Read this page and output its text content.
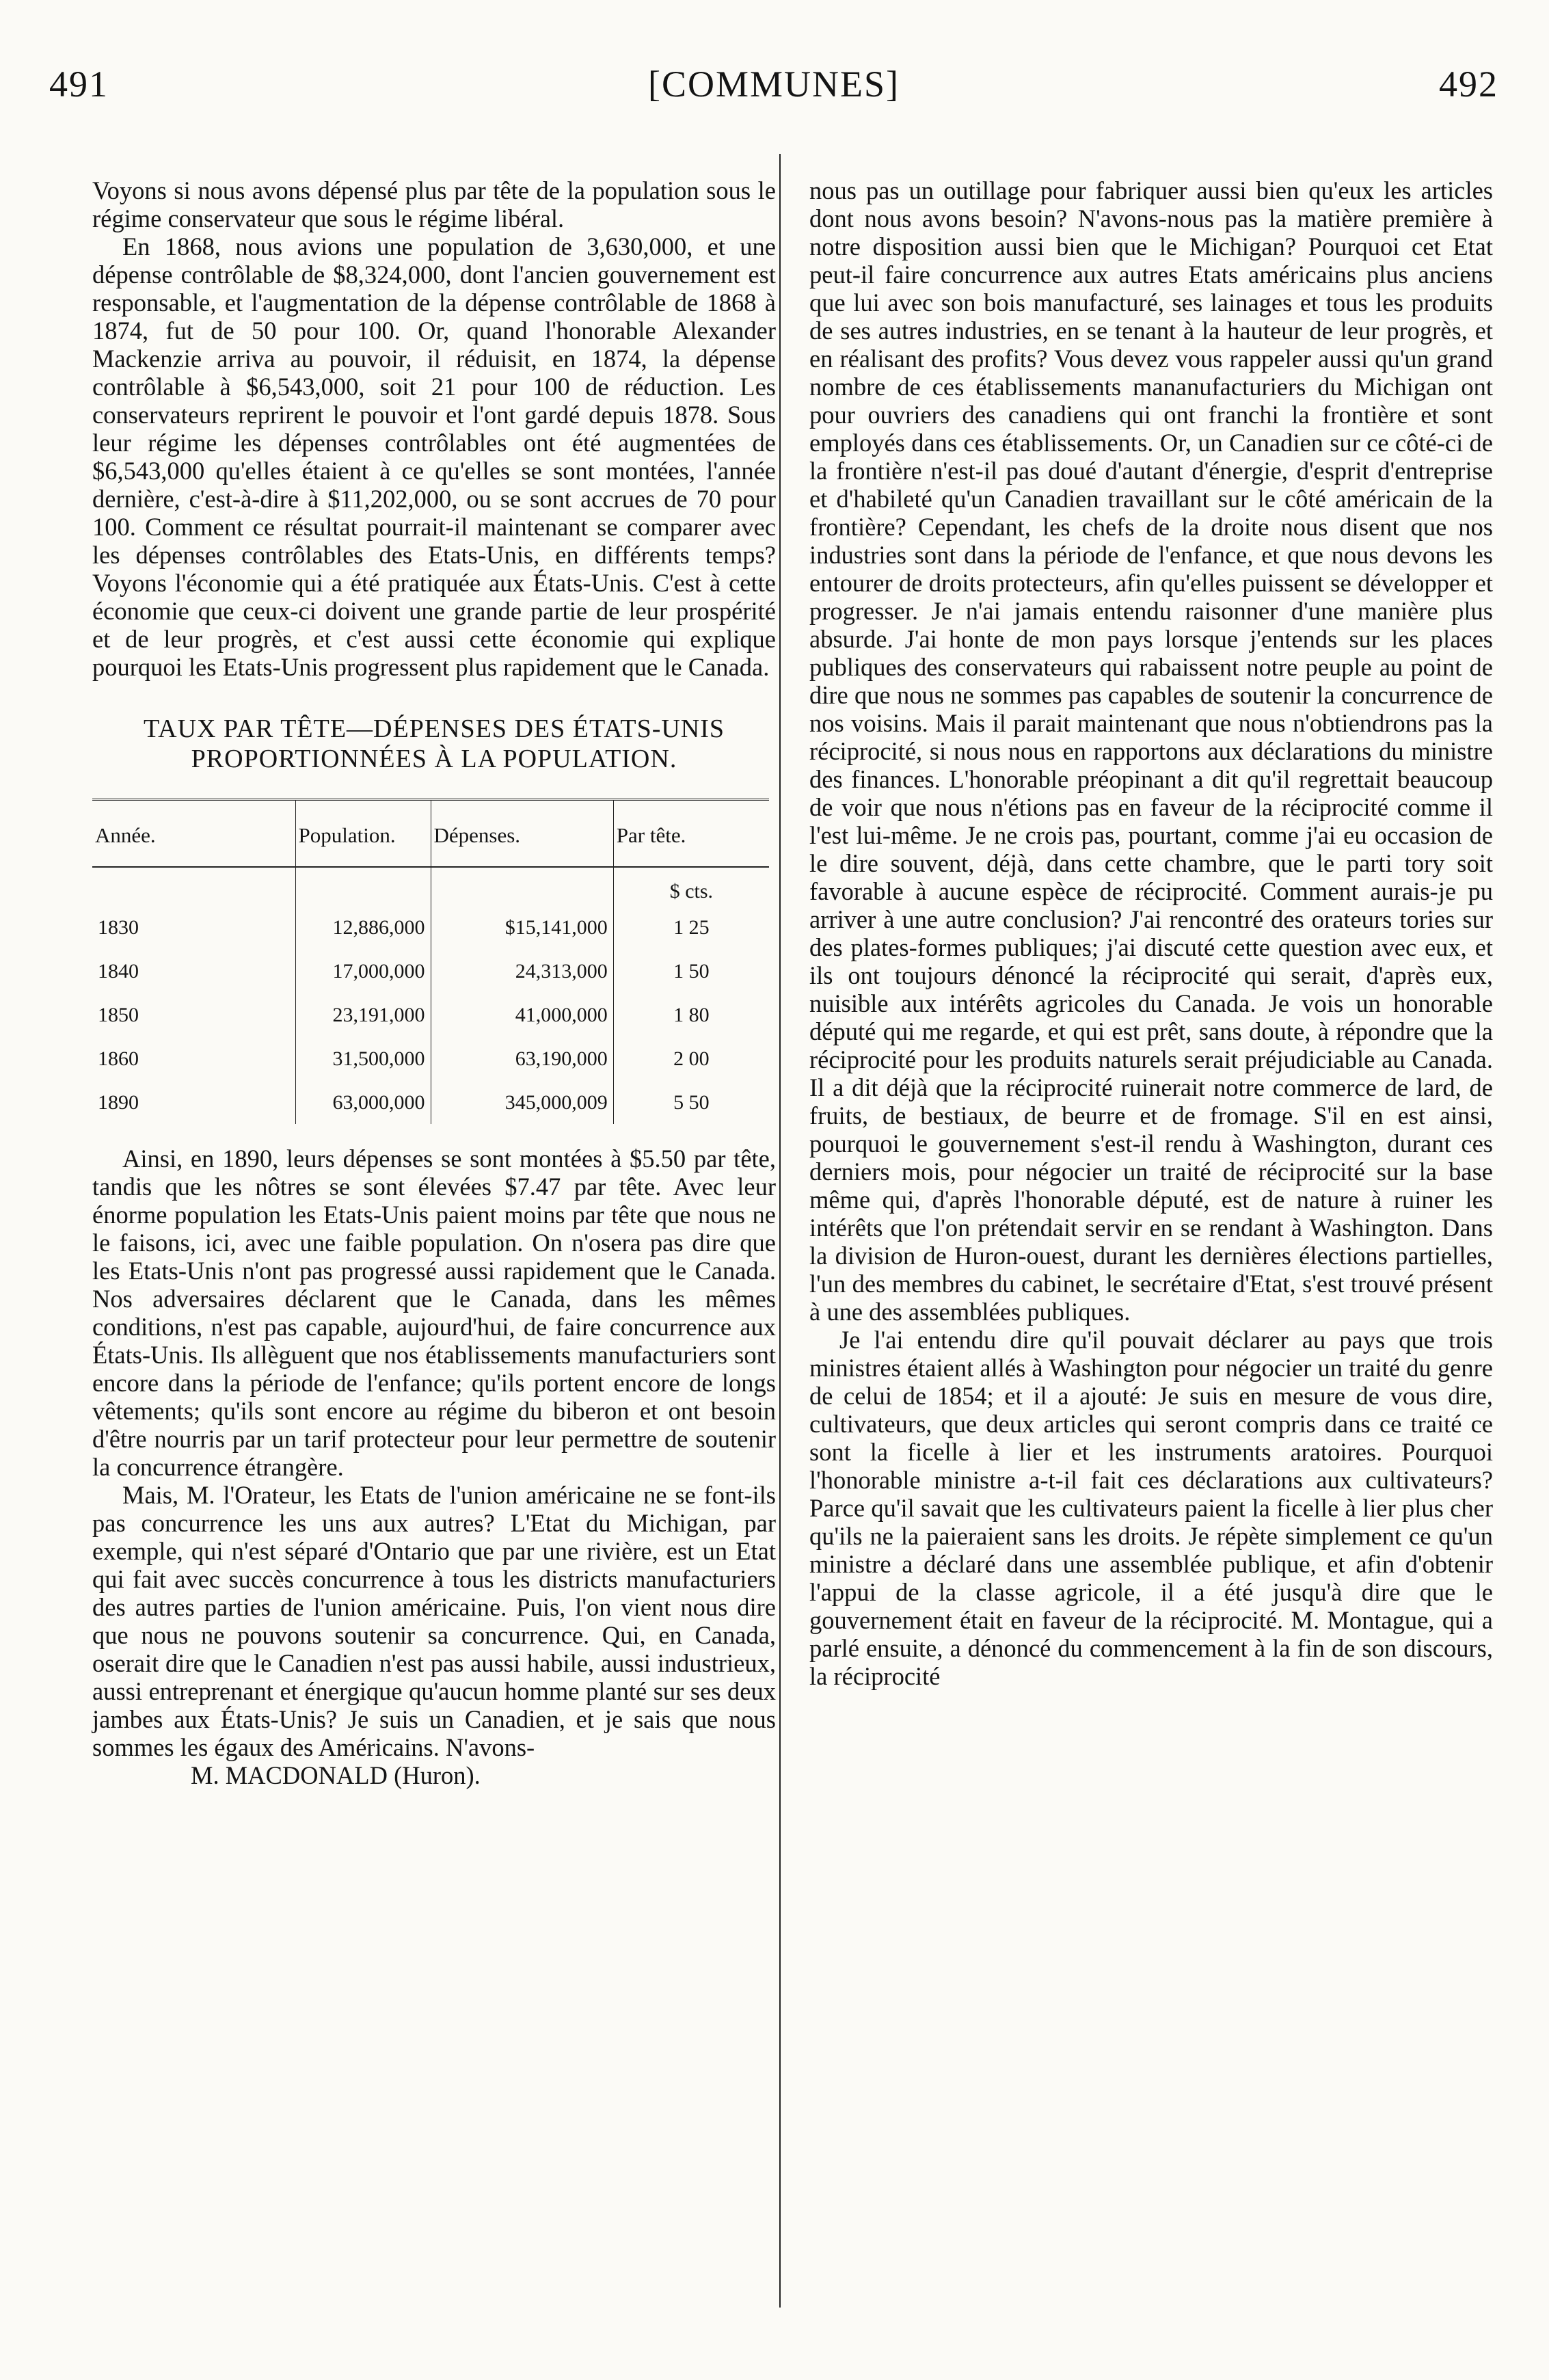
491	[COMMUNES]	492

Voyons si nous avons dépensé plus par tête de la population sous le régime conservateur que sous le régime libéral.

En 1868, nous avions une population de 3,630,000, et une dépense contrôlable de $8,324,000, dont l'ancien gouvernement est responsable, et l'augmentation de la dépense contrôlable de 1868 à 1874, fut de 50 pour 100. Or, quand l'honorable Alexander Mackenzie arriva au pouvoir, il réduisit, en 1874, la dépense contrôlable à $6,543,000, soit 21 pour 100 de réduction. Les conservateurs reprirent le pouvoir et l'ont gardé depuis 1878. Sous leur régime les dépenses contrôlables ont été augmentées de $6,543,000 qu'elles étaient à ce qu'elles se sont montées, l'année dernière, c'est-à-dire à $11,202,000, ou se sont accrues de 70 pour 100. Comment ce résultat pourrait-il maintenant se comparer avec les dépenses contrôlables des Etats-Unis, en différents temps? Voyons l'économie qui a été pratiquée aux États-Unis. C'est à cette économie que ceux-ci doivent une grande partie de leur prospérité et de leur progrès, et c'est aussi cette économie qui explique pourquoi les Etats-Unis progressent plus rapidement que le Canada.

TAUX PAR TÊTE—DÉPENSES DES ÉTATS-UNIS PROPORTIONNÉES À LA POPULATION.
Année.	Population.	Dépenses.	Par tête.
			$ cts.
1830	12,886,000	$15,141,000	1 25
1840	17,000,000	24,313,000	1 50
1850	23,191,000	41,000,000	1 80
1860	31,500,000	63,190,000	2 00
1890	63,000,000	345,000,009	5 50

Ainsi, en 1890, leurs dépenses se sont montées à $5.50 par tête, tandis que les nôtres se sont élevées $7.47 par tête. Avec leur énorme population les Etats-Unis paient moins par tête que nous ne le faisons, ici, avec une faible population. On n'osera pas dire que les Etats-Unis n'ont pas progressé aussi rapidement que le Canada. Nos adversaires déclarent que le Canada, dans les mêmes conditions, n'est pas capable, aujourd'hui, de faire concurrence aux États-Unis. Ils allèguent que nos établissements manufacturiers sont encore dans la période de l'enfance; qu'ils portent encore de longs vêtements; qu'ils sont encore au régime du biberon et ont besoin d'être nourris par un tarif protecteur pour leur permettre de soutenir la concurrence étrangère.

Mais, M. l'Orateur, les Etats de l'union américaine ne se font-ils pas concurrence les uns aux autres? L'Etat du Michigan, par exemple, qui n'est séparé d'Ontario que par une rivière, est un Etat qui fait avec succès concurrence à tous les districts manufacturiers des autres parties de l'union américaine. Puis, l'on vient nous dire que nous ne pouvons soutenir sa concurrence. Qui, en Canada, oserait dire que le Canadien n'est pas aussi habile, aussi industrieux, aussi entreprenant et énergique qu'aucun homme planté sur ses deux jambes aux États-Unis? Je suis un Canadien, et je sais que nous sommes les égaux des Américains. N'avons-

M. MACDONALD (Huron).

nous pas un outillage pour fabriquer aussi bien qu'eux les articles dont nous avons besoin? N'avons-nous pas la matière première à notre disposition aussi bien que le Michigan? Pourquoi cet Etat peut-il faire concurrence aux autres Etats américains plus anciens que lui avec son bois manufacturé, ses lainages et tous les produits de ses autres industries, en se tenant à la hauteur de leur progrès, et en réalisant des profits? Vous devez vous rappeler aussi qu'un grand nombre de ces établissements mananufacturiers du Michigan ont pour ouvriers des canadiens qui ont franchi la frontière et sont employés dans ces établissements. Or, un Canadien sur ce côté-ci de la frontière n'est-il pas doué d'autant d'énergie, d'esprit d'entreprise et d'habileté qu'un Canadien travaillant sur le côté américain de la frontière? Cependant, les chefs de la droite nous disent que nos industries sont dans la période de l'enfance, et que nous devons les entourer de droits protecteurs, afin qu'elles puissent se développer et progresser. Je n'ai jamais entendu raisonner d'une manière plus absurde. J'ai honte de mon pays lorsque j'entends sur les places publiques des conservateurs qui rabaissent notre peuple au point de dire que nous ne sommes pas capables de soutenir la concurrence de nos voisins. Mais il parait maintenant que nous n'obtiendrons pas la réciprocité, si nous nous en rapportons aux déclarations du ministre des finances. L'honorable préopinant a dit qu'il regrettait beaucoup de voir que nous n'étions pas en faveur de la réciprocité comme il l'est lui-même. Je ne crois pas, pourtant, comme j'ai eu occasion de le dire souvent, déjà, dans cette chambre, que le parti tory soit favorable à aucune espèce de réciprocité. Comment aurais-je pu arriver à une autre conclusion? J'ai rencontré des orateurs tories sur des plates-formes publiques; j'ai discuté cette question avec eux, et ils ont toujours dénoncé la réciprocité qui serait, d'après eux, nuisible aux intérêts agricoles du Canada. Je vois un honorable député qui me regarde, et qui est prêt, sans doute, à répondre que la réciprocité pour les produits naturels serait préjudiciable au Canada. Il a dit déjà que la réciprocité ruinerait notre commerce de lard, de fruits, de bestiaux, de beurre et de fromage. S'il en est ainsi, pourquoi le gouvernement s'est-il rendu à Washington, durant ces derniers mois, pour négocier un traité de réciprocité sur la base même qui, d'après l'honorable député, est de nature à ruiner les intérêts que l'on prétendait servir en se rendant à Washington. Dans la division de Huron-ouest, durant les dernières élections partielles, l'un des membres du cabinet, le secrétaire d'Etat, s'est trouvé présent à une des assemblées publiques.

Je l'ai entendu dire qu'il pouvait déclarer au pays que trois ministres étaient allés à Washington pour négocier un traité du genre de celui de 1854; et il a ajouté: Je suis en mesure de vous dire, cultivateurs, que deux articles qui seront compris dans ce traité ce sont la ficelle à lier et les instruments aratoires. Pourquoi l'honorable ministre a-t-il fait ces déclarations aux cultivateurs? Parce qu'il savait que les cultivateurs paient la ficelle à lier plus cher qu'ils ne la paieraient sans les droits. Je répète simplement ce qu'un ministre a déclaré dans une assemblée publique, et afin d'obtenir l'appui de la classe agricole, il a été jusqu'à dire que le gouvernement était en faveur de la réciprocité. M. Montague, qui a parlé ensuite, a dénoncé du commencement à la fin de son discours, la réciprocité
